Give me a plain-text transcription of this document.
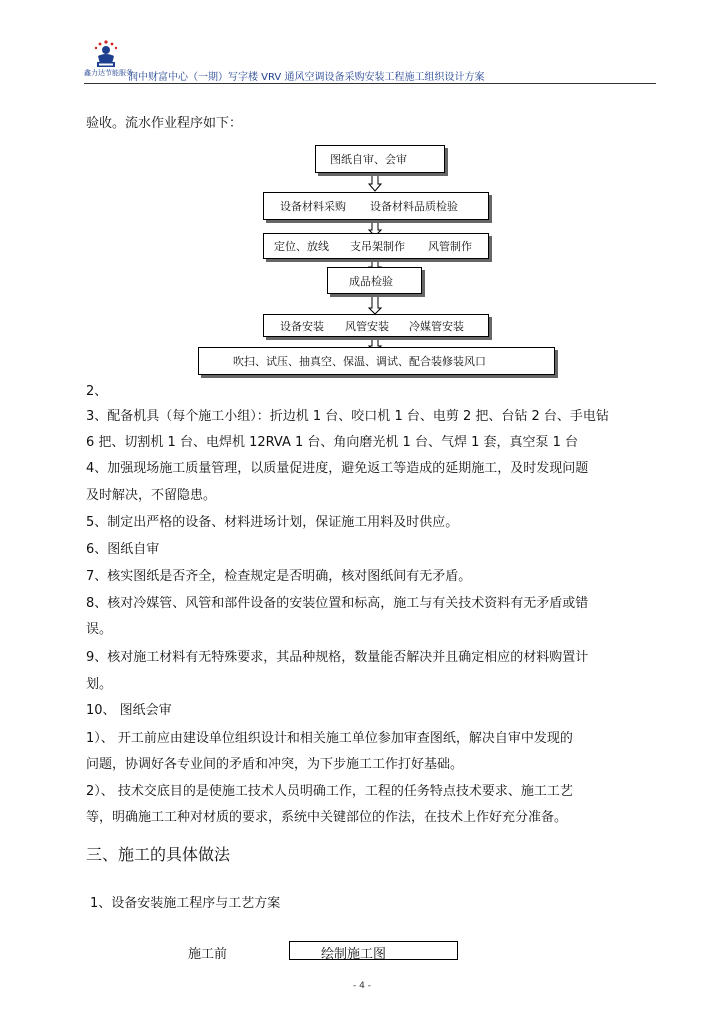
鑫力达节能服务
润中财富中心（一期）写字楼 VRV 通风空调设备采购安装工程施工组织设计方案
验收。流水作业程序如下：
图纸自审、会审
设备材料采购 设备材料品质检验
定位、放线 支吊架制作 风管制作
成品检验
设备安装 风管安装 冷媒管安装
吹扫、试压、抽真空、保温、调试、配合装修装风口
2、
3、配备机具（每个施工小组）：折边机 1 台、咬口机 1 台、电剪 2 把、台钻 2 台、手电钻
6 把、切割机 1 台、电焊机 12RVA 1 台、角向磨光机 1 台、气焊 1 套，真空泵 1 台
4、加强现场施工质量管理，以质量促进度，避免返工等造成的延期施工，及时发现问题
及时解决，不留隐患。
5、制定出严格的设备、材料进场计划，保证施工用料及时供应。
6、图纸自审
7、核实图纸是否齐全，检查规定是否明确，核对图纸间有无矛盾。
8、核对冷媒管、风管和部件设备的安装位置和标高，施工与有关技术资料有无矛盾或错
误。
9、核对施工材料有无特殊要求，其品种规格，数量能否解决并且确定相应的材料购置计
划。
10、 图纸会审
1）、 开工前应由建设单位组织设计和相关施工单位参加审查图纸，解决自审中发现的
问题，协调好各专业间的矛盾和冲突，为下步施工工作打好基础。
2）、 技术交底目的是使施工技术人员明确工作，工程的任务特点技术要求、施工工艺
等，明确施工工种对材质的要求，系统中关键部位的作法，在技术上作好充分准备。
三、施工的具体做法
1、设备安装施工程序与工艺方案
施工前	绘制施工图
- 4 -
